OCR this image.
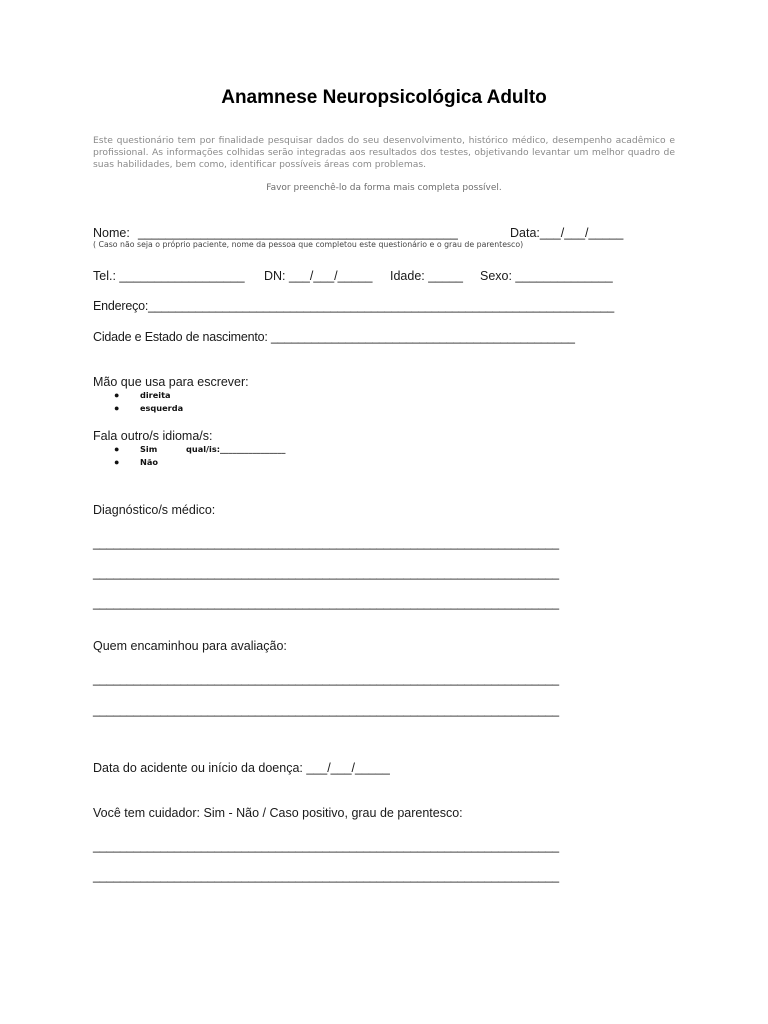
Anamnese Neuropsicológica Adulto
Este questionário tem por finalidade pesquisar dados do seu desenvolvimento, histórico médico, desempenho acadêmico e profissional. As informações colhidas serão integradas aos resultados dos testes, objetivando levantar um melhor quadro de suas habilidades, bem como, identificar possíveis áreas com problemas.
Favor preenchê-lo da forma mais completa possível.
Nome: ______________________________________________	Data:___/___/_____
( Caso não seja o próprio paciente, nome da pessoa que completou este questionário e o grau de parentesco)
Tel.: __________________ DN: ___/___/_____ Idade: _____ Sexo: ______________
Endereço:_____________________________________________________________________
Cidade e Estado de nascimento: _____________________________________________
Mão que usa para escrever:
●	direita
●	esquerda
Fala outro/s idioma/s:
●	Sim	qual/is:________________
●	Não
Diagnóstico/s médico:
_____________________________________________________________________
_____________________________________________________________________
_____________________________________________________________________
Quem encaminhou para avaliação:
_____________________________________________________________________
_____________________________________________________________________
Data do acidente ou início da doença: ___/___/_____
Você tem cuidador: Sim - Não / Caso positivo, grau de parentesco:
_____________________________________________________________________
_____________________________________________________________________
